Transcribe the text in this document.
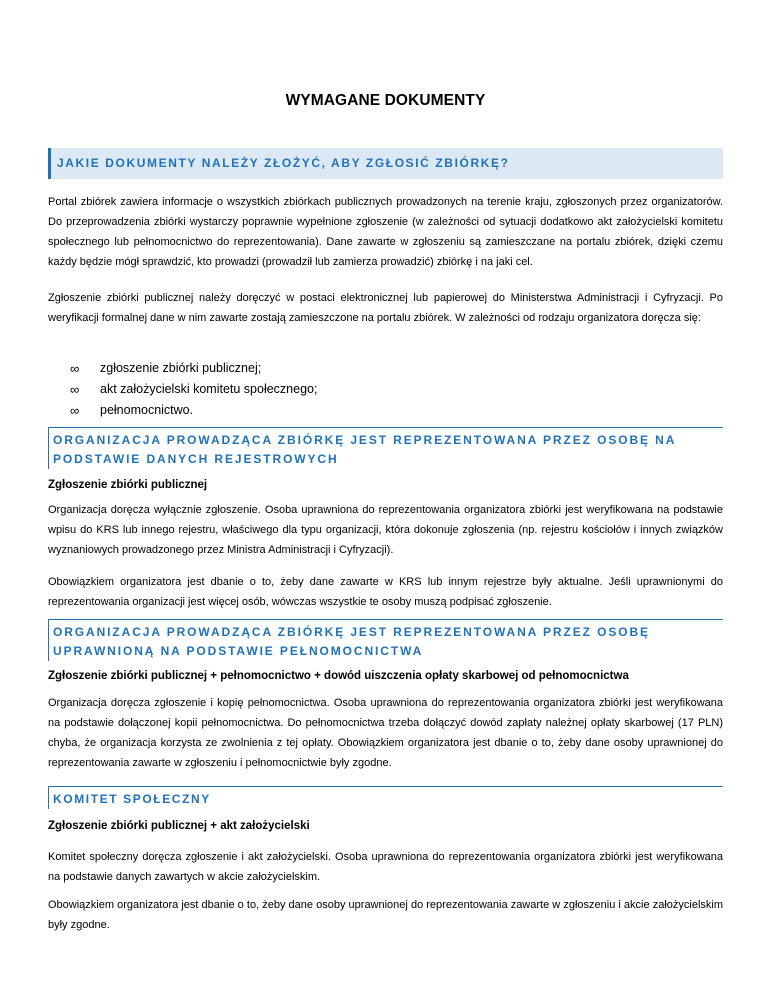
WYMAGANE DOKUMENTY
JAKIE DOKUMENTY NALEŻY ZŁOŻYĆ, ABY ZGŁOSIĆ ZBIÓRKĘ?

Portal zbiórek zawiera informacje o wszystkich zbiórkach publicznych prowadzonych na terenie kraju, zgłoszonych przez organizatorów. Do przeprowadzenia zbiórki wystarczy poprawnie wypełnione zgłoszenie (w zależności od sytuacji dodatkowo akt założycielski komitetu społecznego lub pełnomocnictwo do reprezentowania). Dane zawarte w zgłoszeniu są zamieszczane na portalu zbiórek, dzięki czemu każdy będzie mógł sprawdzić, kto prowadzi (prowadził lub zamierza prowadzić) zbiórkę i na jaki cel.

Zgłoszenie zbiórki publicznej należy doręczyć w postaci elektronicznej lub papierowej do Ministerstwa Administracji i Cyfryzacji. Po weryfikacji formalnej dane w nim zawarte zostają zamieszczone na portalu zbiórek. W zależności od rodzaju organizatora doręcza się:

∞	zgłoszenie zbiórki publicznej;
∞	akt założycielski komitetu społecznego;
∞	pełnomocnictwo.
ORGANIZACJA PROWADZĄCA ZBIÓRKĘ JEST REPREZENTOWANA PRZEZ OSOBĘ NA PODSTAWIE DANYCH REJESTROWYCH
Zgłoszenie zbiórki publicznej

Organizacja doręcza wyłącznie zgłoszenie. Osoba uprawniona do reprezentowania organizatora zbiórki jest weryfikowana na podstawie wpisu do KRS lub innego rejestru, właściwego dla typu organizacji, która dokonuje zgłoszenia (np. rejestru kościołów i innych związków wyznaniowych prowadzonego przez Ministra Administracji i Cyfryzacji).

Obowiązkiem organizatora jest dbanie o to, żeby dane zawarte w KRS lub innym rejestrze były aktualne. Jeśli uprawnionymi do reprezentowania organizacji jest więcej osób, wówczas wszystkie te osoby muszą podpisać zgłoszenie.

ORGANIZACJA PROWADZĄCA ZBIÓRKĘ JEST REPREZENTOWANA PRZEZ OSOBĘ UPRAWNIONĄ NA PODSTAWIE PEŁNOMOCNICTWA
Zgłoszenie zbiórki publicznej + pełnomocnictwo + dowód uiszczenia opłaty skarbowej od pełnomocnictwa

Organizacja doręcza zgłoszenie i kopię pełnomocnictwa. Osoba uprawniona do reprezentowania organizatora zbiórki jest weryfikowana na podstawie dołączonej kopii pełnomocnictwa. Do pełnomocnictwa trzeba dołączyć dowód zapłaty należnej opłaty skarbowej (17 PLN) chyba, że organizacja korzysta ze zwolnienia z tej opłaty. Obowiązkiem organizatora jest dbanie o to, żeby dane osoby uprawnionej do reprezentowania zawarte w zgłoszeniu i pełnomocnictwie były zgodne.

KOMITET SPOŁECZNY
Zgłoszenie zbiórki publicznej + akt założycielski

Komitet społeczny doręcza zgłoszenie i akt założycielski. Osoba uprawniona do reprezentowania organizatora zbiórki jest weryfikowana na podstawie danych zawartych w akcie założycielskim.

Obowiązkiem organizatora jest dbanie o to, żeby dane osoby uprawnionej do reprezentowania zawarte w zgłoszeniu i akcie założycielskim były zgodne.
